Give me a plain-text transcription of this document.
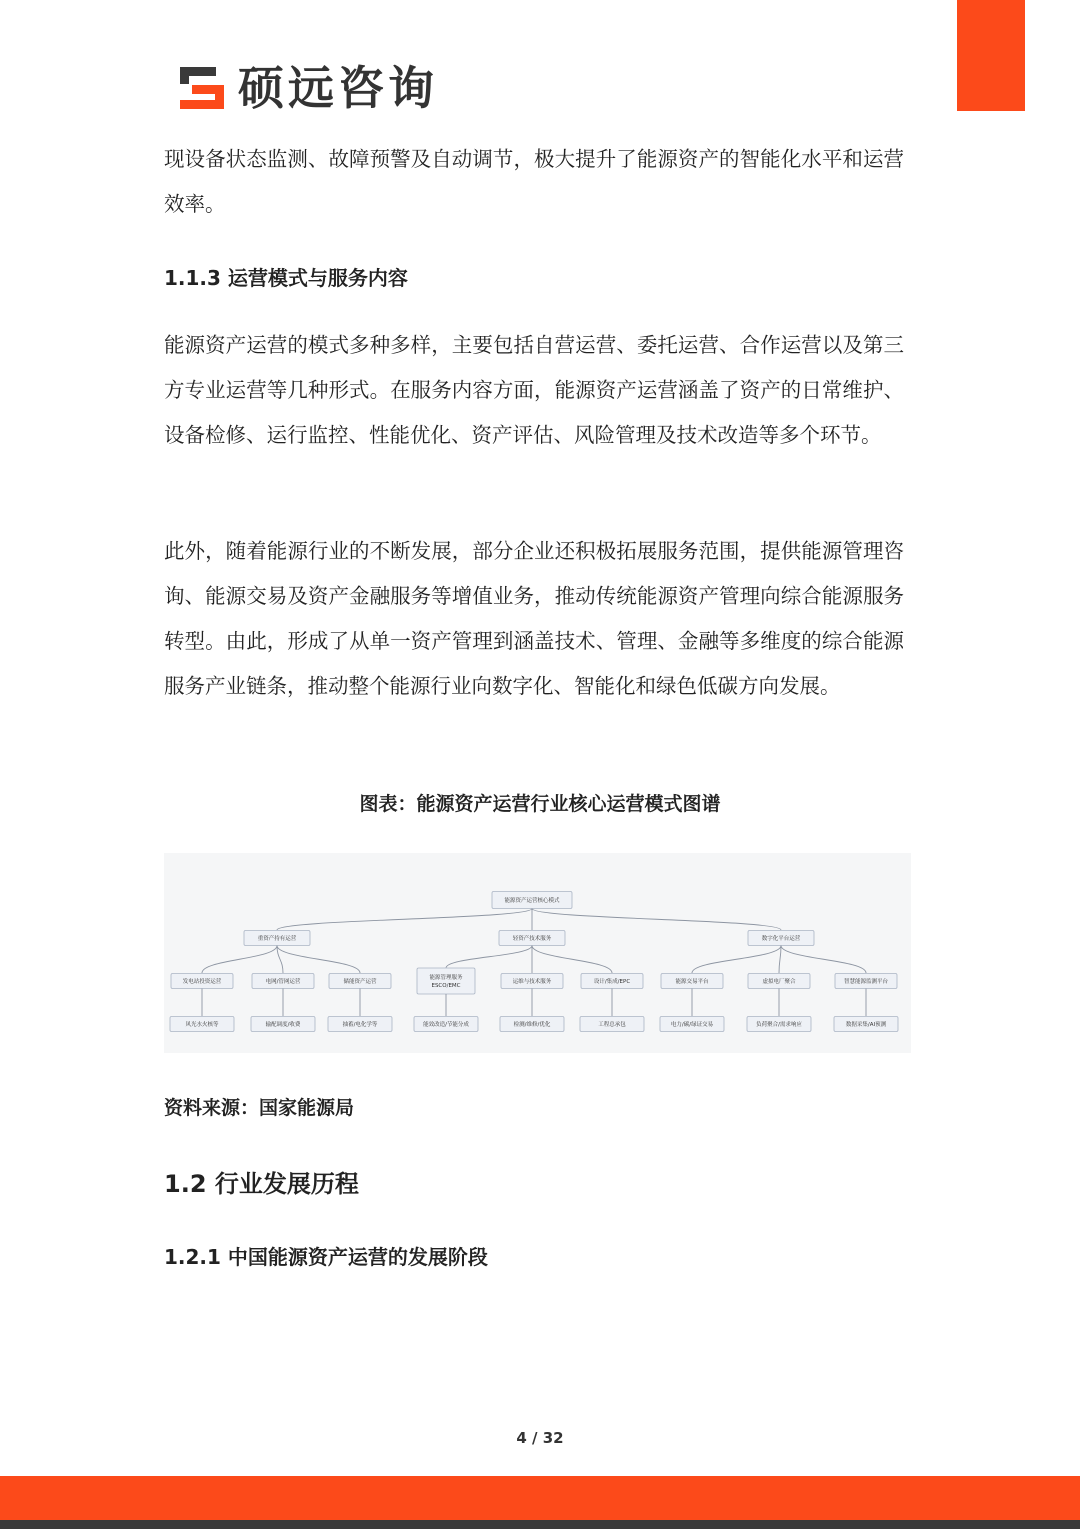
硕远咨询

现设备状态监测、故障预警及自动调节，极大提升了能源资产的智能化水平和运营效率。

1.1.3 运营模式与服务内容

能源资产运营的模式多种多样，主要包括自营运营、委托运营、合作运营以及第三方专业运营等几种形式。在服务内容方面，能源资产运营涵盖了资产的日常维护、设备检修、运行监控、性能优化、资产评估、风险管理及技术改造等多个环节。

此外，随着能源行业的不断发展，部分企业还积极拓展服务范围，提供能源管理咨询、能源交易及资产金融服务等增值业务，推动传统能源资产管理向综合能源服务转型。由此，形成了从单一资产管理到涵盖技术、管理、金融等多维度的综合能源服务产业链条，推动整个能源行业向数字化、智能化和绿色低碳方向发展。

图表：能源资产运营行业核心运营模式图谱

能源资产运营核心模式
重资产持有运营
发电站投资运营
风光水火核等
电网/管网运营
输配调度/收费
储能资产运营
抽蓄/电化学等
轻资产技术服务
能源管理服务
ESCO/EMC
能效改造/节能分成
运维与技术服务
检测/维修/优化
设计/集成/EPC
工程总承包
数字化平台运营
能源交易平台
电力/碳/绿证交易
虚拟电厂聚合
负荷聚合/需求响应
智慧能源监测平台
数据采集/AI预测

资料来源：国家能源局

1.2 行业发展历程

1.2.1 中国能源资产运营的发展阶段

4 / 32
